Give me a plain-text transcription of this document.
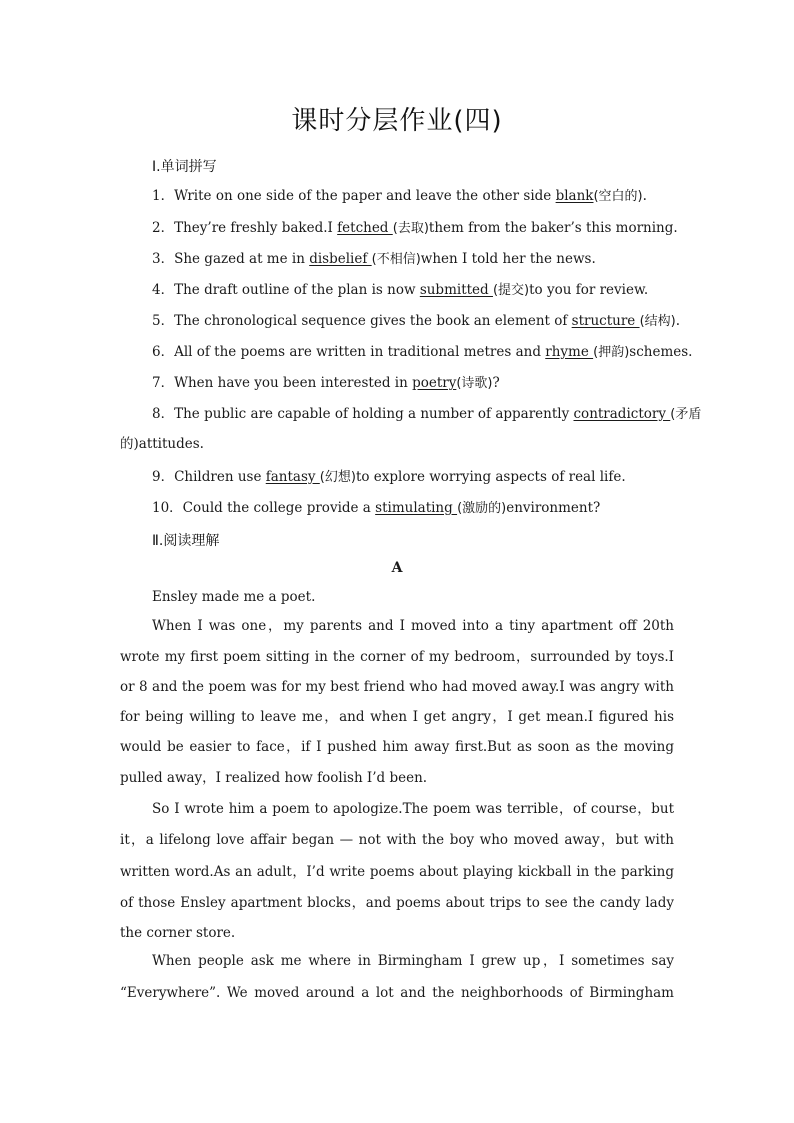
课时分层作业(四)
Ⅰ.单词拼写
1．Write on one side of the paper and leave the other side blank(空白的).
2．They’re freshly baked.I fetched (去取)them from the baker’s this morning.
3．She gazed at me in disbelief (不相信)when I told her the news.
4．The draft outline of the plan is now submitted (提交)to you for review.
5．The chronological sequence gives the book an element of structure (结构).
6．All of the poems are written in traditional metres and rhyme (押韵)schemes.
7．When have you been interested in poetry(诗歌)?
8．The public are capable of holding a number of apparently contradictory (矛盾
9．Children use fantasy (幻想)to explore worrying aspects of real life.
10．Could the college provide a stimulating (激励的)environment?
的)attitudes.
Ⅱ.阅读理解
A
Ensley made me a poet.
When I was one，my parents and I moved into a tiny apartment off 20th
wrote my first poem sitting in the corner of my bedroom，surrounded by toys.I
or 8 and the poem was for my best friend who had moved away.I was angry with
for being willing to leave me，and when I get angry，I get mean.I figured his
would be easier to face，if I pushed him away first.But as soon as the moving
pulled away，I realized how foolish I’d been.
So I wrote him a poem to apologize.The poem was terrible，of course，but
it，a lifelong love affair began — not with the boy who moved away，but with
written word.As an adult，I’d write poems about playing kickball in the parking
of those Ensley apartment blocks，and poems about trips to see the candy lady
the corner store.
When people ask me where in Birmingham I grew up，I sometimes say
“Everywhere”. We moved around a lot and the neighborhoods of Birmingham
